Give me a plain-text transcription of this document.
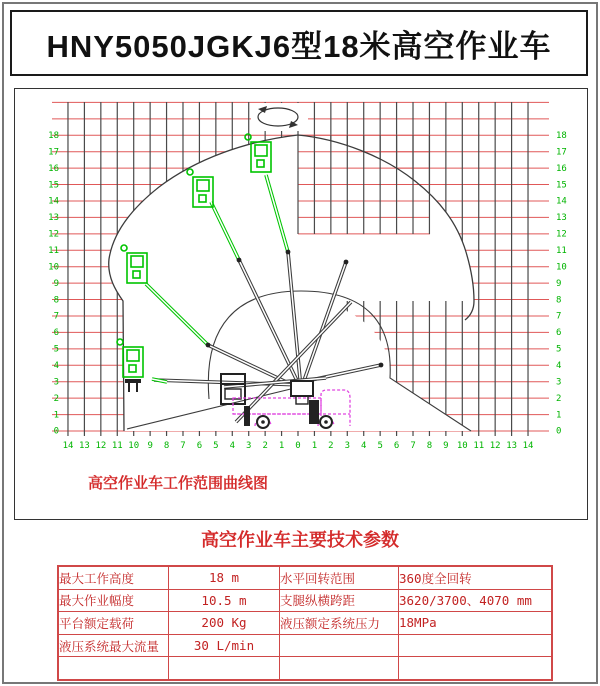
HNY5050JGKJ6型18米高空作业车
18
17
16
15
14
13
12
11
10
9
8
7
6
5
4
3
2
1
0
18
17
16
15
14
13
12
11
10
9
8
7
6
5
4
3
2
1
0
14 13 12 11 10 9 8 7 6 5 4 3 2 1 0 1 2 3 4 5 6 7 8 9 10 11 12 13 14
高空作业车工作范围曲线图
高空作业车主要技术参数
最大工作高度	18 m	水平回转范围	360度全回转
最大作业幅度	10.5 m	支腿纵横跨距	3620/3700、4070 mm
平台额定载荷	200 Kg	液压额定系统压力	18MPa
液压系统最大流量	30 L/min		
